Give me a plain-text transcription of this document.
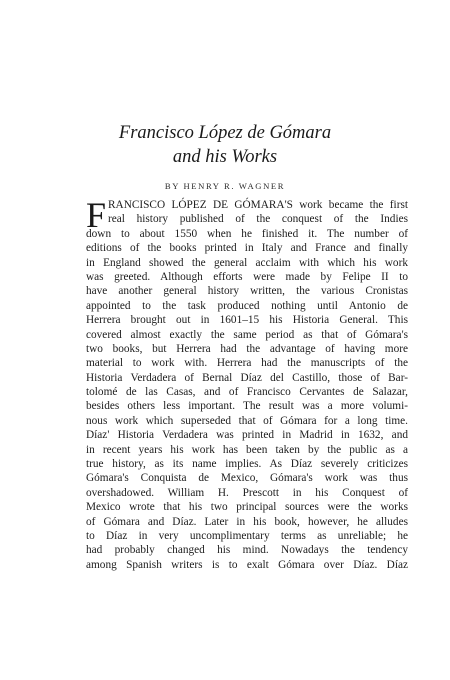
Francisco López de Gómara
and his Works
BY HENRY R. WAGNER
F RANCISCO LÓPEZ DE GÓMARA'S work became the first
real history published of the conquest of the Indies
down to about 1550 when he finished it. The number of
editions of the books printed in Italy and France and finally
in England showed the general acclaim with which his work
was greeted. Although efforts were made by Felipe II to
have another general history written, the various Cronistas
appointed to the task produced nothing until Antonio de
Herrera brought out in 1601–15 his Historia General. This
covered almost exactly the same period as that of Gómara's
two books, but Herrera had the advantage of having more
material to work with. Herrera had the manuscripts of the
Historia Verdadera of Bernal Díaz del Castillo, those of Bar-
tolomé de las Casas, and of Francisco Cervantes de Salazar,
besides others less important. The result was a more volumi-
nous work which superseded that of Gómara for a long time.
Díaz' Historia Verdadera was printed in Madrid in 1632, and
in recent years his work has been taken by the public as a
true history, as its name implies. As Díaz severely criticizes
Gómara's Conquista de Mexico, Gómara's work was thus
overshadowed. William H. Prescott in his Conquest of
Mexico wrote that his two principal sources were the works
of Gómara and Díaz. Later in his book, however, he alludes
to Díaz in very uncomplimentary terms as unreliable; he
had probably changed his mind. Nowadays the tendency
among Spanish writers is to exalt Gómara over Díaz. Díaz
